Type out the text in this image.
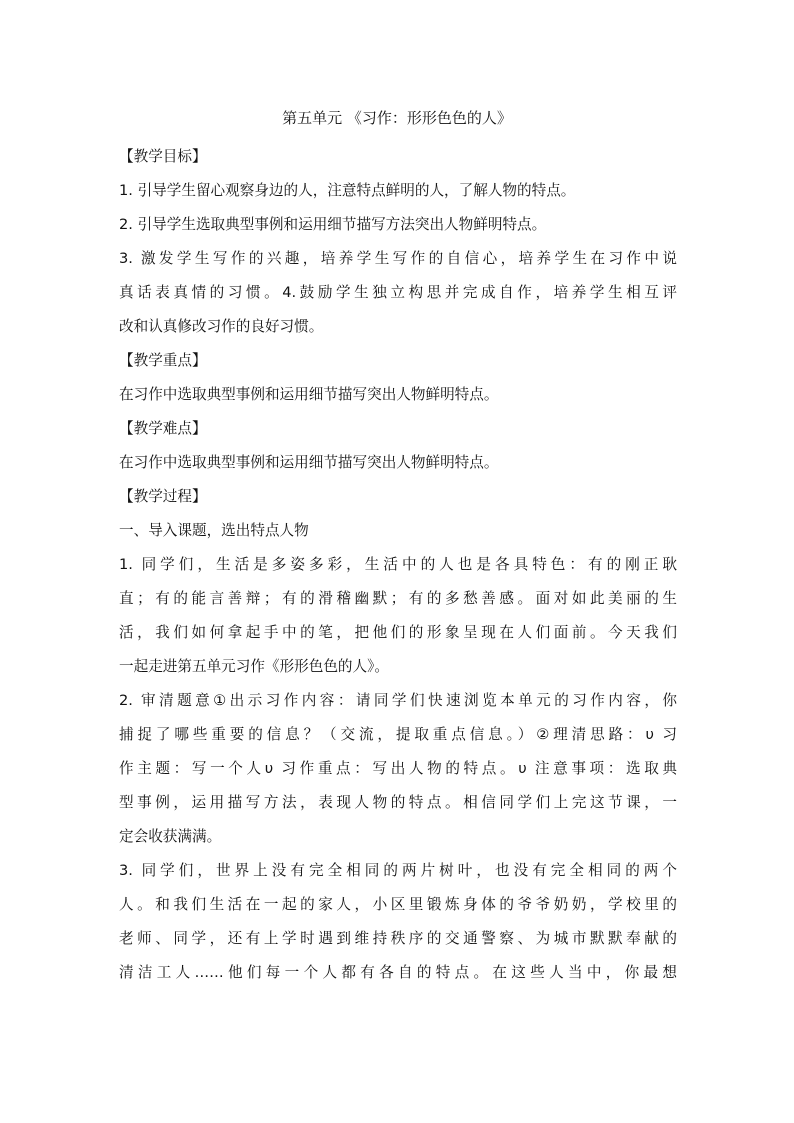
第五单元 《习作：形形色色的人》
【教学目标】
1. 引导学生留心观察身边的人，注意特点鲜明的人，了解人物的特点。
2. 引导学生选取典型事例和运用细节描写方法突出人物鲜明特点。
3. 激发学生写作的兴趣，培养学生写作的自信心，培养学生在习作中说
真话表真情的习惯。4.鼓励学生独立构思并完成自作，培养学生相互评
改和认真修改习作的良好习惯。
【教学重点】
在习作中选取典型事例和运用细节描写突出人物鲜明特点。
【教学难点】
在习作中选取典型事例和运用细节描写突出人物鲜明特点。
【教学过程】
一、导入课题，选出特点人物
1. 同学们，生活是多姿多彩，生活中的人也是各具特色：有的刚正耿
直；有的能言善辩；有的滑稽幽默；有的多愁善感。面对如此美丽的生
活，我们如何拿起手中的笔，把他们的形象呈现在人们面前。今天我们
一起走进第五单元习作《形形色色的人》。
2. 审清题意①出示习作内容：请同学们快速浏览本单元的习作内容，你
捕捉了哪些重要的信息？（交流，提取重点信息。）②理清思路：υ 习
作主题：写一个人υ 习作重点：写出人物的特点。υ 注意事项：选取典
型事例，运用描写方法，表现人物的特点。相信同学们上完这节课，一
定会收获满满。
3. 同学们，世界上没有完全相同的两片树叶，也没有完全相同的两个
人。和我们生活在一起的家人，小区里锻炼身体的爷爷奶奶，学校里的
老师、同学，还有上学时遇到维持秩序的交通警察、为城市默默奉献的
清洁工人……他们每一个人都有各自的特点。在这些人当中，你最想
